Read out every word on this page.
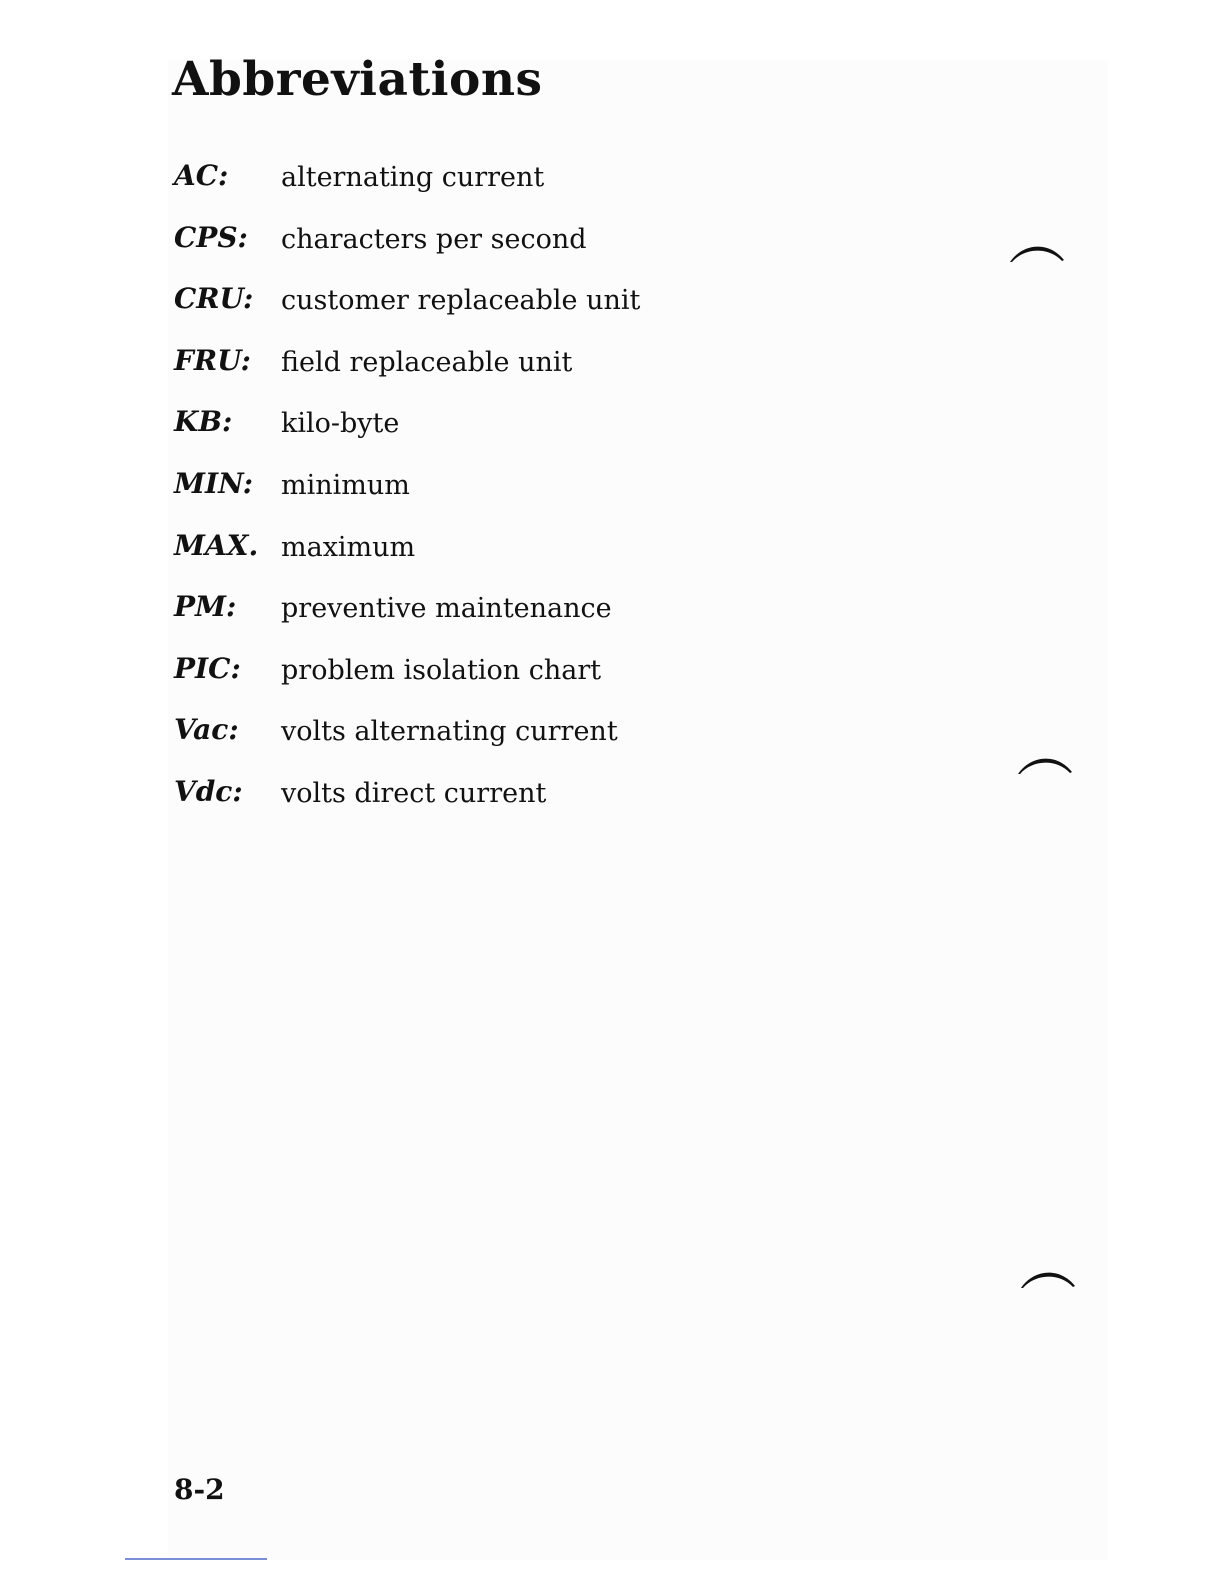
Abbreviations
AC: alternating current
CPS: characters per second
CRU: customer replaceable unit
FRU: field replaceable unit
KB: kilo-byte
MIN: minimum
MAX. maximum
PM: preventive maintenance
PIC: problem isolation chart
Vac: volts alternating current
Vdc: volts direct current
8-2
